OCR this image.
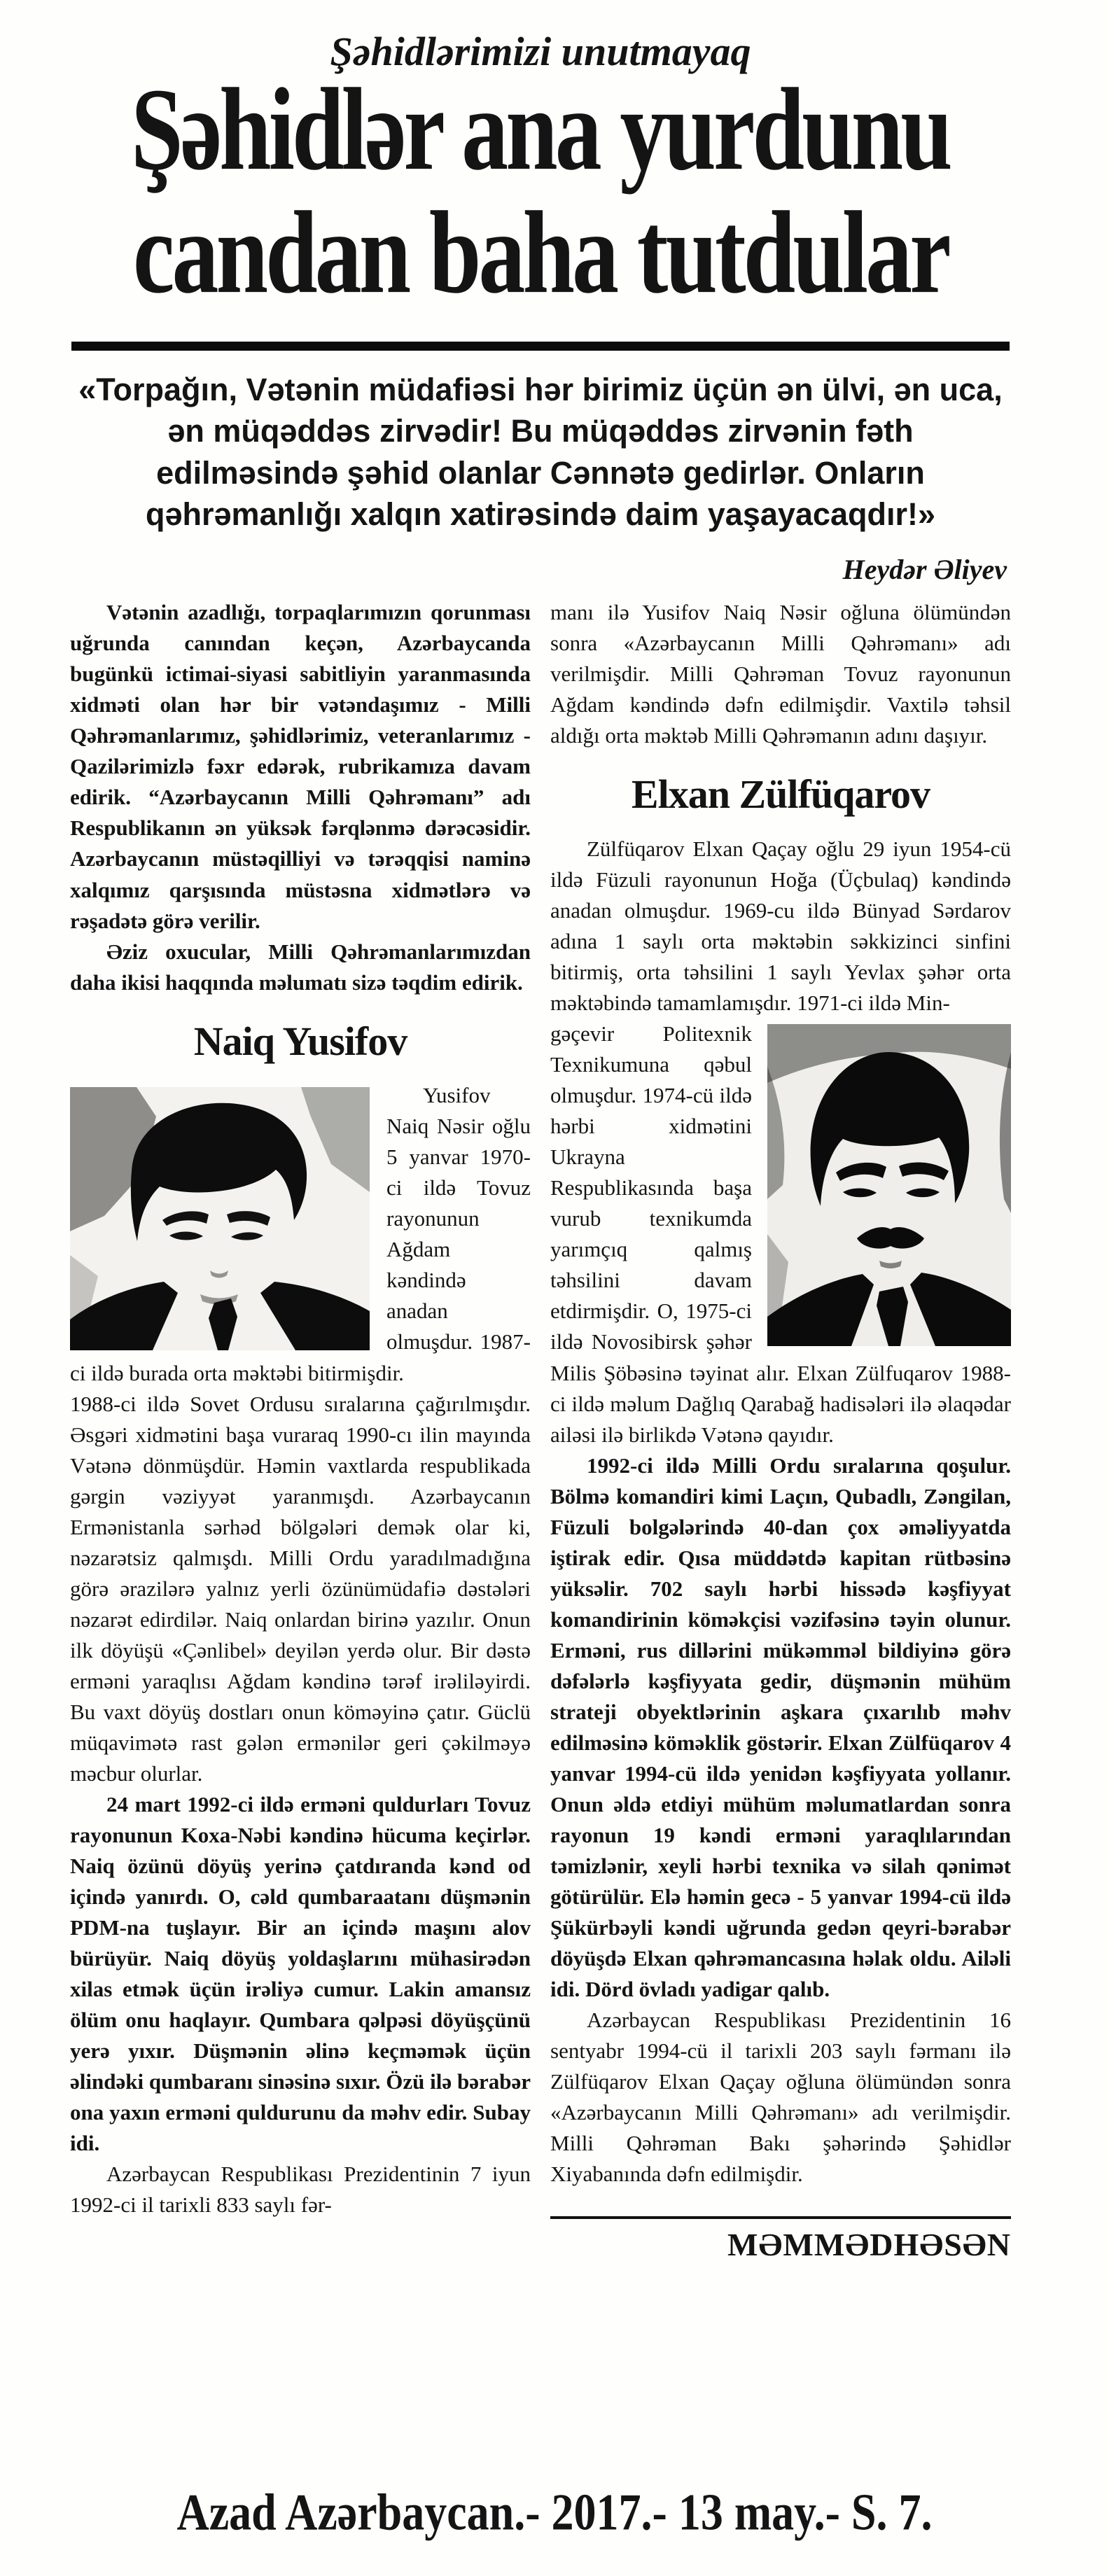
Şəhidlərimizi unutmayaq
Şəhidlər ana yurdunu
candan baha tutdular
«Torpağın, Vətənin müdafiəsi hər birimiz üçün ən ülvi, ən uca, ən müqəddəs zirvədir! Bu müqəddəs zirvənin fəth edilməsində şəhid olanlar Cənnətə gedirlər. Onların qəhrəmanlığı xalqın xatirəsində daim yaşayacaqdır!»
Heydər Əliyev

Vətənin azadlığı, torpaqlarımızın qorunması uğrunda canından keçən, Azərbaycanda bugünkü ictimai-siyasi sabitliyin yaranmasında xidməti olan hər bir vətəndaşımız - Milli Qəhrəmanlarımız, şəhidlərimiz, veteranlarımız - Qazilərimizlə fəxr edərək, rubrikamıza davam edirik. “Azərbaycanın Milli Qəhrəmanı” adı Respublikanın ən yüksək fərqlənmə dərəcəsidir. Azərbaycanın müstəqilliyi və tərəqqisi naminə xalqımız qarşısında müstəsna xidmətlərə və rəşadətə görə verilir.

Əziz oxucular, Milli Qəhrəmanlarımızdan daha ikisi haqqında məlumatı sizə təqdim edirik.

Naiq Yusifov

Yusifov Naiq Nəsir oğlu 5 yanvar 1970-ci ildə Tovuz rayonunun Ağdam kəndində anadan olmuşdur. 1987-ci ildə burada orta məktəbi bitirmişdir.

1988-ci ildə Sovet Ordusu sıralarına çağırılmışdır. Əsgəri xidmətini başa vuraraq 1990-cı ilin mayında Vətənə dönmüşdür. Həmin vaxtlarda respublikada gərgin vəziyyət yaranmışdı. Azərbaycanın Ermənistanla sərhəd bölgələri demək olar ki, nəzarətsiz qalmışdı. Milli Ordu yaradılmadığına görə ərazilərə yalnız yerli özünümüdafiə dəstələri nəzarət edirdilər. Naiq onlardan birinə yazılır. Onun ilk döyüşü «Çənlibel» deyilən yerdə olur. Bir dəstə erməni yaraqlısı Ağdam kəndinə tərəf irəliləyirdi. Bu vaxt döyüş dostları onun köməyinə çatır. Güclü müqavimətə rast gələn ermənilər geri çəkilməyə məcbur olurlar.

24 mart 1992-ci ildə erməni quldurları Tovuz rayonunun Koxa-Nəbi kəndinə hücuma keçirlər. Naiq özünü döyüş yerinə çatdıranda kənd od içində yanırdı. O, cəld qumbaraatanı düşmənin PDM-na tuşlayır. Bir an içində maşını alov bürüyür. Naiq döyüş yoldaşlarını mühasirədən xilas etmək üçün irəliyə cumur. Lakin amansız ölüm onu haqlayır. Qumbara qəlpəsi döyüşçünü yerə yıxır. Düşmənin əlinə keçməmək üçün əlindəki qumbaranı sinəsinə sıxır. Özü ilə bərabər ona yaxın erməni quldurunu da məhv edir. Subay idi.

Azərbaycan Respublikası Prezidentinin 7 iyun 1992-ci il tarixli 833 saylı fər-

manı ilə Yusifov Naiq Nəsir oğluna ölümündən sonra «Azərbaycanın Milli Qəhrəmanı» adı verilmişdir. Milli Qəhrəman Tovuz rayonunun Ağdam kəndində dəfn edilmişdir. Vaxtilə təhsil aldığı orta məktəb Milli Qəhrəmanın adını daşıyır.

Elxan Zülfüqarov

Zülfüqarov Elxan Qaçay oğlu 29 iyun 1954-cü ildə Füzuli rayonunun Hoğa (Üçbulaq) kəndində anadan olmuşdur. 1969-cu ildə Bünyad Sərdarov adına 1 saylı orta məktəbin səkkizinci sinfini bitirmiş, orta təhsilini 1 saylı Yevlax şəhər orta məktəbində tamamlamışdır. 1971-ci ildə Min-

gəçevir Politexnik Texnikumuna qəbul olmuşdur. 1974-cü ildə hərbi xidmətini Ukrayna Respublikasında başa vurub texnikumda yarımçıq qalmış təhsilini davam etdirmişdir. O, 1975-ci ildə Novosibirsk şəhər Milis Şöbəsinə təyinat alır. Elxan Zülfuqarov 1988-ci ildə məlum Dağlıq Qarabağ hadisələri ilə əlaqədar ailəsi ilə birlikdə Vətənə qayıdır.

1992-ci ildə Milli Ordu sıralarına qoşulur. Bölmə komandiri kimi Laçın, Qubadlı, Zəngilan, Füzuli bolgələrində 40-dan çox əməliyyatda iştirak edir. Qısa müddətdə kapitan rütbəsinə yüksəlir. 702 saylı hərbi hissədə kəşfiyyat komandirinin köməkçisi vəzifəsinə təyin olunur. Erməni, rus dillərini mükəmməl bildiyinə görə dəfələrlə kəşfiyyata gedir, düşmənin mühüm strateji obyektlərinin aşkara çıxarılıb məhv edilməsinə köməklik göstərir. Elxan Zülfüqarov 4 yanvar 1994-cü ildə yenidən kəşfiyyata yollanır. Onun əldə etdiyi mühüm məlumatlardan sonra rayonun 19 kəndi erməni yaraqlılarından təmizlənir, xeyli hərbi texnika və silah qənimət götürülür. Elə həmin gecə - 5 yanvar 1994-cü ildə Şükürbəyli kəndi uğrunda gedən qeyri-bərabər döyüşdə Elxan qəhrəmancasına həlak oldu. Ailəli idi. Dörd övladı yadigar qalıb.

Azərbaycan Respublikası Prezidentinin 16 sentyabr 1994-cü il tarixli 203 saylı fərmanı ilə Zülfüqarov Elxan Qaçay oğluna ölümündən sonra «Azərbaycanın Milli Qəhrəmanı» adı verilmişdir. Milli Qəhrəman Bakı şəhərində Şəhidlər Xiyabanında dəfn edilmişdir.

MƏMMƏDHƏSƏN
Azad Azərbaycan.- 2017.- 13 may.- S. 7.
